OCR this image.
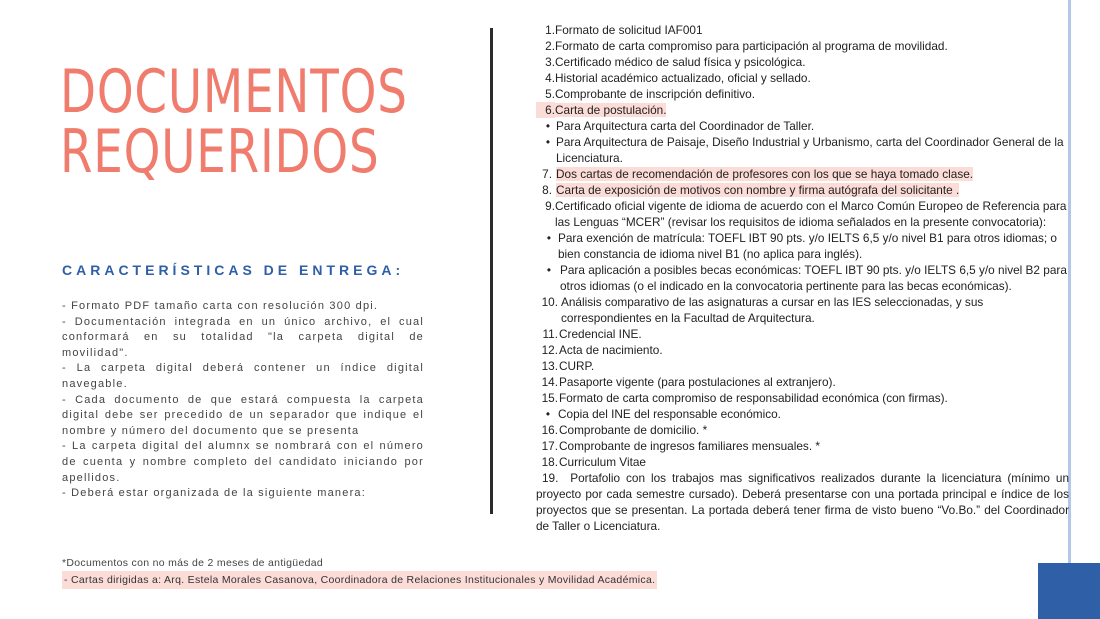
DOCUMENTOS
REQUERIDOS
CARACTERÍSTICAS DE ENTREGA:

- Formato PDF tamaño carta con resolución 300 dpi.

- Documentación integrada en un único archivo, el cual conformará en su totalidad "la carpeta digital de movilidad".

- La carpeta digital deberá contener un índice digital navegable.

- Cada documento de que estará compuesta la carpeta digital debe ser precedido de un separador que indique el nombre y número del documento que se presenta

- La carpeta digital del alumnx se nombrará con el número de cuenta y nombre completo del candidato iniciando por apellidos.

- Deberá estar organizada de la siguiente manera:

1. Formato de solicitud IAF001
2. Formato de carta compromiso para participación al programa de movilidad.
3. Certificado médico de salud física y psicológica.
4. Historial académico actualizado, oficial y sellado.
5. Comprobante de inscripción definitivo.
6. Carta de postulación.
• Para Arquitectura carta del Coordinador de Taller.
• Para Arquitectura de Paisaje, Diseño Industrial y Urbanismo, carta del Coordinador General de la Licenciatura.
7. Dos cartas de recomendación de profesores con los que se haya tomado clase.
8. Carta de exposición de motivos con nombre y firma autógrafa del solicitante .
9. Certificado oficial vigente de idioma de acuerdo con el Marco Común Europeo de Referencia para las Lenguas “MCER” (revisar los requisitos de idioma señalados en la presente convocatoria):
• Para exención de matrícula: TOEFL IBT 90 pts. y/o IELTS 6,5 y/o nivel B1 para otros idiomas; o bien constancia de idioma nivel B1 (no aplica para inglés).
• Para aplicación a posibles becas económicas: TOEFL IBT 90 pts. y/o IELTS 6,5 y/o nivel B2 para otros idiomas (o el indicado en la convocatoria pertinente para las becas económicas).
10. Análisis comparativo de las asignaturas a cursar en las IES seleccionadas, y sus correspondientes en la Facultad de Arquitectura.
11. Credencial INE.
12. Acta de nacimiento.
13. CURP.
14. Pasaporte vigente (para postulaciones al extranjero).
15. Formato de carta compromiso de responsabilidad económica (con firmas).
• Copia del INE del responsable económico.
16. Comprobante de domicilio. *
17. Comprobante de ingresos familiares mensuales. *
18. Curriculum Vitae
19. Portafolio con los trabajos mas significativos realizados durante la licenciatura (mínimo un proyecto por cada semestre cursado). Deberá presentarse con una portada principal e índice de los proyectos que se presentan. La portada deberá tener firma de visto bueno “Vo.Bo.” del Coordinador de Taller o Licenciatura.
*Documentos con no más de 2 meses de antigüedad
- Cartas dirigidas a: Arq. Estela Morales Casanova, Coordinadora de Relaciones Institucionales y Movilidad Académica.
